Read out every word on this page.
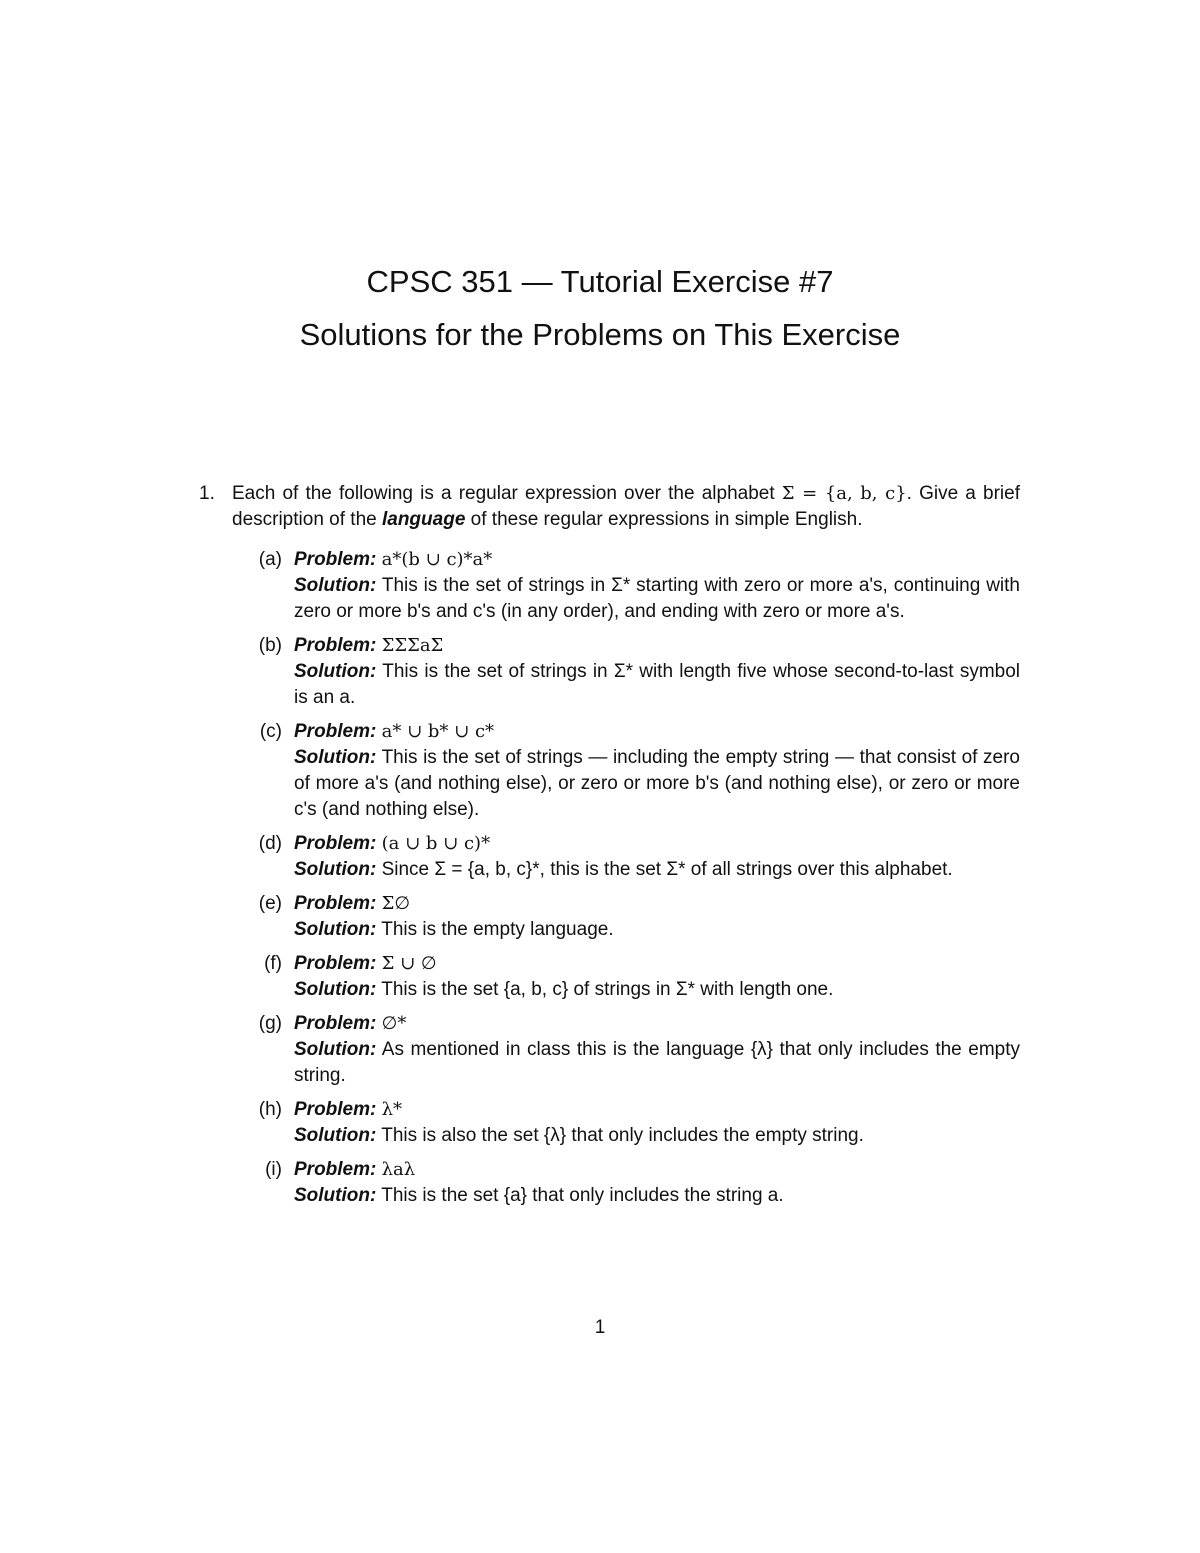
CPSC 351 — Tutorial Exercise #7
Solutions for the Problems on This Exercise
1. Each of the following is a regular expression over the alphabet Σ = {a, b, c}. Give a brief description of the language of these regular expressions in simple English.
(a) Problem: a*(b ∪ c)*a*
Solution: This is the set of strings in Σ* starting with zero or more a's, continuing with zero or more b's and c's (in any order), and ending with zero or more a's.
(b) Problem: ΣΣΣaΣ
Solution: This is the set of strings in Σ* with length five whose second-to-last symbol is an a.
(c) Problem: a* ∪ b* ∪ c*
Solution: This is the set of strings — including the empty string — that consist of zero of more a's (and nothing else), or zero or more b's (and nothing else), or zero or more c's (and nothing else).
(d) Problem: (a ∪ b ∪ c)*
Solution: Since Σ = {a, b, c}*, this is the set Σ* of all strings over this alphabet.
(e) Problem: Σ∅
Solution: This is the empty language.
(f) Problem: Σ ∪ ∅
Solution: This is the set {a, b, c} of strings in Σ* with length one.
(g) Problem: ∅*
Solution: As mentioned in class this is the language {λ} that only includes the empty string.
(h) Problem: λ*
Solution: This is also the set {λ} that only includes the empty string.
(i) Problem: λaλ
Solution: This is the set {a} that only includes the string a.
1
